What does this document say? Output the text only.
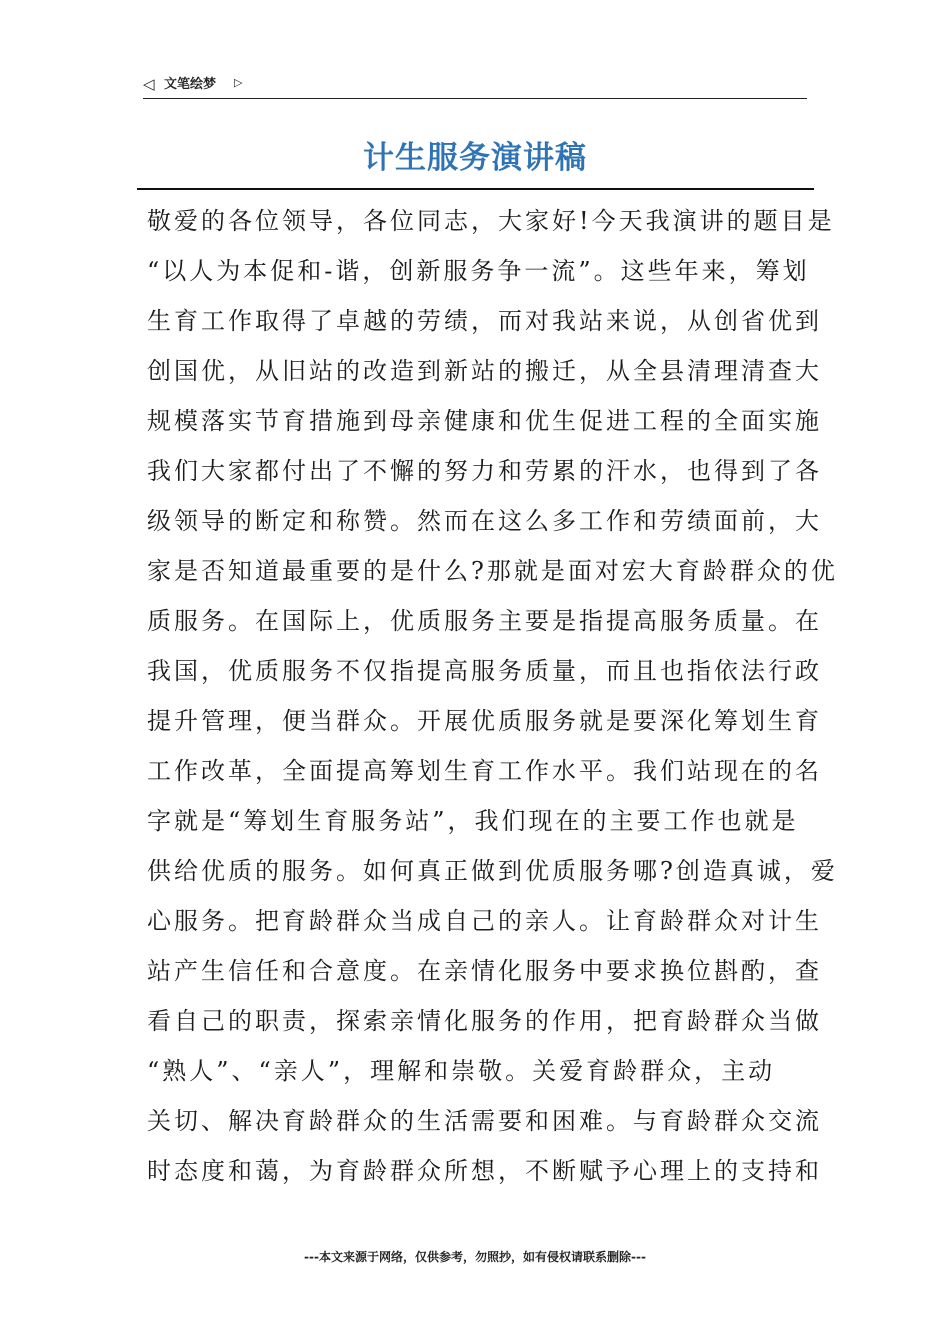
◁ 文笔绘梦 ▷
计生服务演讲稿
敬爱的各位领导，各位同志，大家好!今天我演讲的题目是
“以人为本促和-谐，创新服务争一流”。这些年来，筹划
生育工作取得了卓越的劳绩，而对我站来说，从创省优到
创国优，从旧站的改造到新站的搬迁，从全县清理清查大
规模落实节育措施到母亲健康和优生促进工程的全面实施
我们大家都付出了不懈的努力和劳累的汗水，也得到了各
级领导的断定和称赞。然而在这么多工作和劳绩面前，大
家是否知道最重要的是什么?那就是面对宏大育龄群众的优
质服务。在国际上，优质服务主要是指提高服务质量。在
我国，优质服务不仅指提高服务质量，而且也指依法行政
提升管理，便当群众。开展优质服务就是要深化筹划生育
工作改革，全面提高筹划生育工作水平。我们站现在的名
字就是“筹划生育服务站”，我们现在的主要工作也就是
供给优质的服务。如何真正做到优质服务哪?创造真诚，爱
心服务。把育龄群众当成自己的亲人。让育龄群众对计生
站产生信任和合意度。在亲情化服务中要求换位斟酌，查
看自己的职责，探索亲情化服务的作用，把育龄群众当做
“熟人”、“亲人”，理解和崇敬。关爱育龄群众，主动
关切、解决育龄群众的生活需要和困难。与育龄群众交流
时态度和蔼，为育龄群众所想，不断赋予心理上的支持和
---本文来源于网络，仅供参考，勿照抄，如有侵权请联系删除---
